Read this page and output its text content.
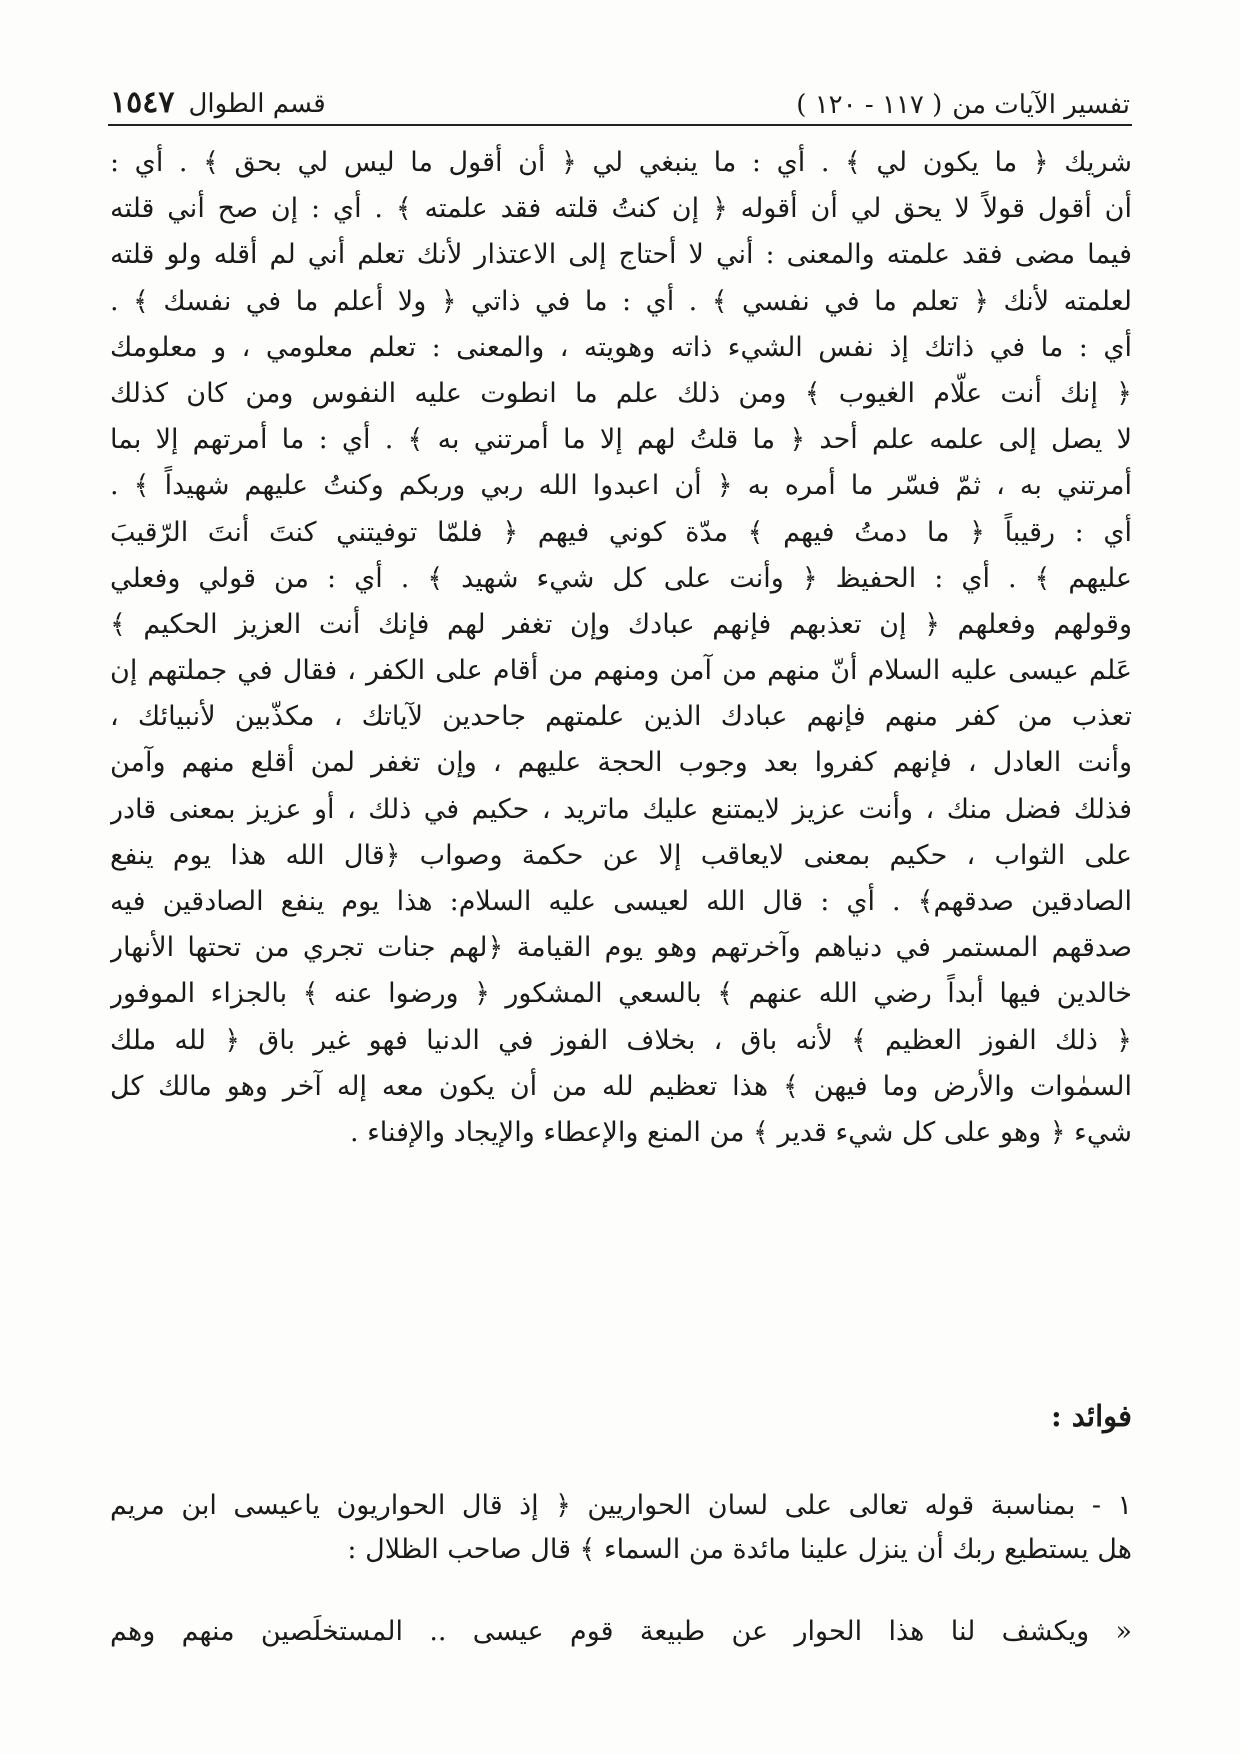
تفسير الآيات من
( ١١٧ - ١٢٠ )
قسم الطوال
١٥٤٧
شريك ﴿ ما يكون لي ﴾ . أي : ما ينبغي لي ﴿ أن أقول ما ليس لي بحق ﴾ . أي :
أن أقول قولاً لا يحق لي أن أقوله ﴿ إن كنتُ قلته فقد علمته ﴾ . أي : إن صح أني قلته
فيما مضى فقد علمته والمعنى : أني لا أحتاج إلى الاعتذار لأنك تعلم أني لم أقله ولو قلته
لعلمته لأنك ﴿ تعلم ما في نفسي ﴾ . أي : ما في ذاتي ﴿ ولا أعلم ما في نفسك ﴾ .
أي : ما في ذاتك إذ نفس الشيء ذاته وهويته ، والمعنى : تعلم معلومي ، و معلومك
﴿ إنك أنت علّام الغيوب ﴾ ومن ذلك علم ما انطوت عليه النفوس ومن كان كذلك
لا يصل إلى علمه علم أحد ﴿ ما قلتُ لهم إلا ما أمرتني به ﴾ . أي : ما أمرتهم إلا بما
أمرتني به ، ثمّ فسّر ما أمره به ﴿ أن اعبدوا الله ربي وربكم وكنتُ عليهم شهيداً ﴾ .
أي : رقيباً ﴿ ما دمتُ فيهم ﴾ مدّة كوني فيهم ﴿ فلمّا توفيتني كنتَ أنتَ الرّقيبَ
عليهم ﴾ . أي : الحفيظ ﴿ وأنت على كل شيء شهيد ﴾ . أي : من قولي وفعلي
وقولهم وفعلهم ﴿ إن تعذبهم فإنهم عبادك وإن تغفر لهم فإنك أنت العزيز الحكيم ﴾
عَلم عيسى عليه السلام أنّ منهم من آمن ومنهم من أقام على الكفر ، فقال في جملتهم إن
تعذب من كفر منهم فإنهم عبادك الذين علمتهم جاحدين لآياتك ، مكذّبين لأنبيائك ،
وأنت العادل ، فإنهم كفروا بعد وجوب الحجة عليهم ، وإن تغفر لمن أقلع منهم وآمن
فذلك فضل منك ، وأنت عزيز لايمتنع عليك ماتريد ، حكيم في ذلك ، أو عزيز بمعنى قادر
على الثواب ، حكيم بمعنى لايعاقب إلا عن حكمة وصواب ﴿قال الله هذا يوم ينفع
الصادقين صدقهم﴾ . أي : قال الله لعيسى عليه السلام: هذا يوم ينفع الصادقين فيه
صدقهم المستمر في دنياهم وآخرتهم وهو يوم القيامة ﴿لهم جنات تجري من تحتها الأنهار
خالدين فيها أبداً رضي الله عنهم ﴾ بالسعي المشكور ﴿ ورضوا عنه ﴾ بالجزاء الموفور
﴿ ذلك الفوز العظيم ﴾ لأنه باق ، بخلاف الفوز في الدنيا فهو غير باق ﴿ لله ملك
السمٰوات والأرض وما فيهن ﴾ هذا تعظيم لله من أن يكون معه إله آخر وهو مالك كل
شيء ﴿ وهو على كل شيء قدير ﴾ من المنع والإعطاء والإيجاد والإفناء .
فوائد :
١ - بمناسبة قوله تعالى على لسان الحواريين ﴿ إذ قال الحواريون ياعيسى ابن مريم
هل يستطيع ربك أن ينزل علينا مائدة من السماء ﴾ قال صاحب الظلال :
« ويكشف لنا هذا الحوار عن طبيعة قوم عيسى .. المستخلَصين منهم وهم
